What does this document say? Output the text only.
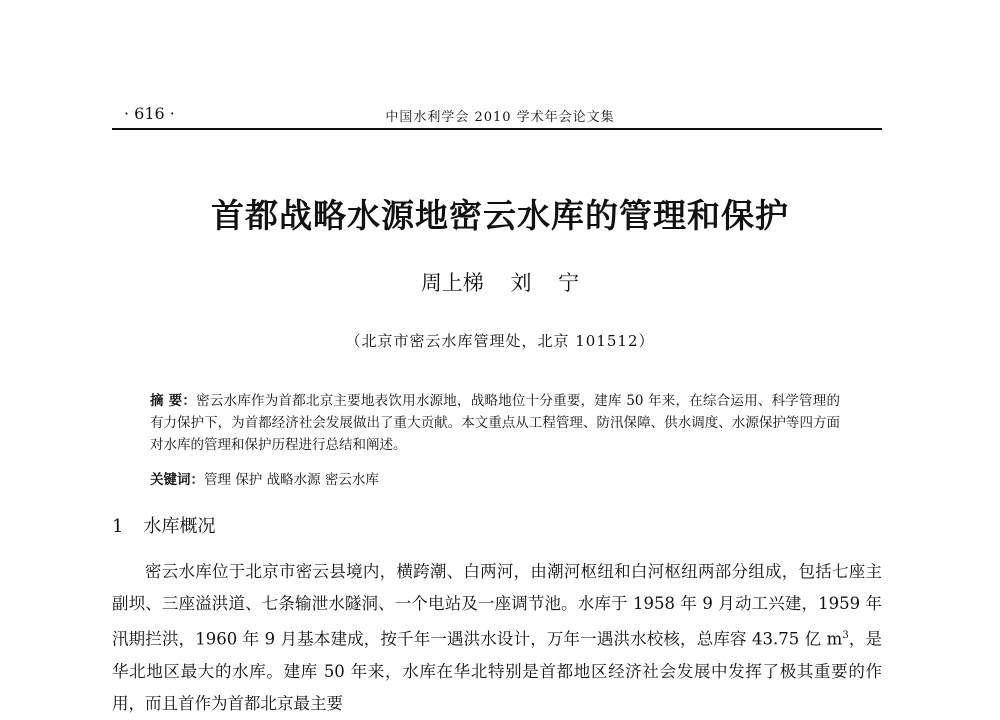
· 616 ·	中国水利学会 2010 学术年会论文集
首都战略水源地密云水库的管理和保护
周上梯 刘 宁
（北京市密云水库管理处，北京 101512）
摘 要：密云水库作为首都北京主要地表饮用水源地，战略地位十分重要，建库 50 年来，在综合运用、科学管理的有力保护下，为首都经济社会发展做出了重大贡献。本文重点从工程管理、防汛保障、供水调度、水源保护等四方面对水库的管理和保护历程进行总结和阐述。
关键词：管理 保护 战略水源 密云水库
1 水库概况
密云水库位于北京市密云县境内，横跨潮、白两河，由潮河枢纽和白河枢纽两部分组成，包括七座主副坝、三座溢洪道、七条输泄水隧洞、一个电站及一座调节池。水库于 1958 年 9 月动工兴建，1959 年汛期拦洪，1960 年 9 月基本建成，按千年一遇洪水设计，万年一遇洪水校核，总库容 43.75 亿 $m^3$，是华北地区最大的水库。建库 50 年来，水库在华北特别是首都地区经济社会发展中发挥了极其重要的作用，而且首作为首都北京最主要
